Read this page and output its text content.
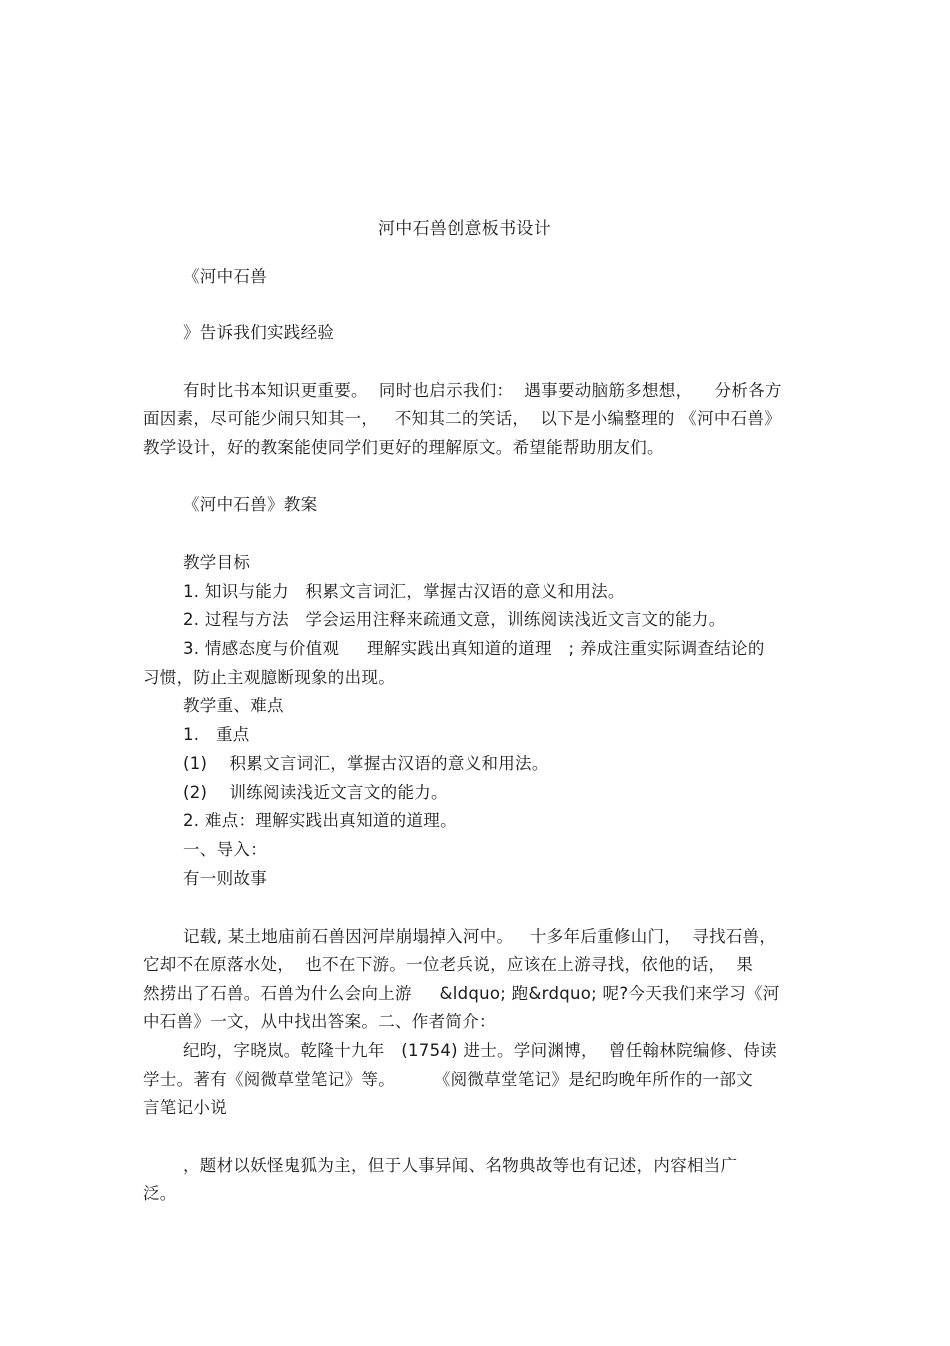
河中石兽创意板书设计
《河中石兽
》告诉我们实践经验
有时比书本知识更重要。  同时也启示我们：  遇事要动脑筋多想想，    分析各方
面因素，尽可能少闹只知其一，   不知其二的笑话，  以下是小编整理的 《河中石兽》
教学设计，好的教案能使同学们更好的理解原文。希望能帮助朋友们。
《河中石兽》教案
教学目标
1. 知识与能力   积累文言词汇，掌握古汉语的意义和用法。
2. 过程与方法   学会运用注释来疏通文意，训练阅读浅近文言文的能力。
3. 情感态度与价值观     理解实践出真知道的道理   ; 养成注重实际调查结论的
习惯，防止主观臆断现象的出现。
教学重、难点
1.   重点
(1)    积累文言词汇，掌握古汉语的意义和用法。
(2)    训练阅读浅近文言文的能力。
2. 难点：理解实践出真知道的道理。
一、导入：
有一则故事
记载, 某土地庙前石兽因河岸崩塌掉入河中。   十多年后重修山门，  寻找石兽，
它却不在原落水处，  也不在下游。一位老兵说，应该在上游寻找，依他的话，  果
然捞出了石兽。石兽为什么会向上游     &ldquo; 跑&rdquo; 呢?今天我们来学习《河
中石兽》一文，从中找出答案。二、作者简介：
纪昀，字晓岚。乾隆十九年   (1754) 进士。学问渊博，  曾任翰林院编修、侍读
学士。著有《阅微草堂笔记》等。       《阅微草堂笔记》是纪昀晚年所作的一部文
言笔记小说
，题材以妖怪鬼狐为主，但于人事异闻、名物典故等也有记述，内容相当广
泛。
